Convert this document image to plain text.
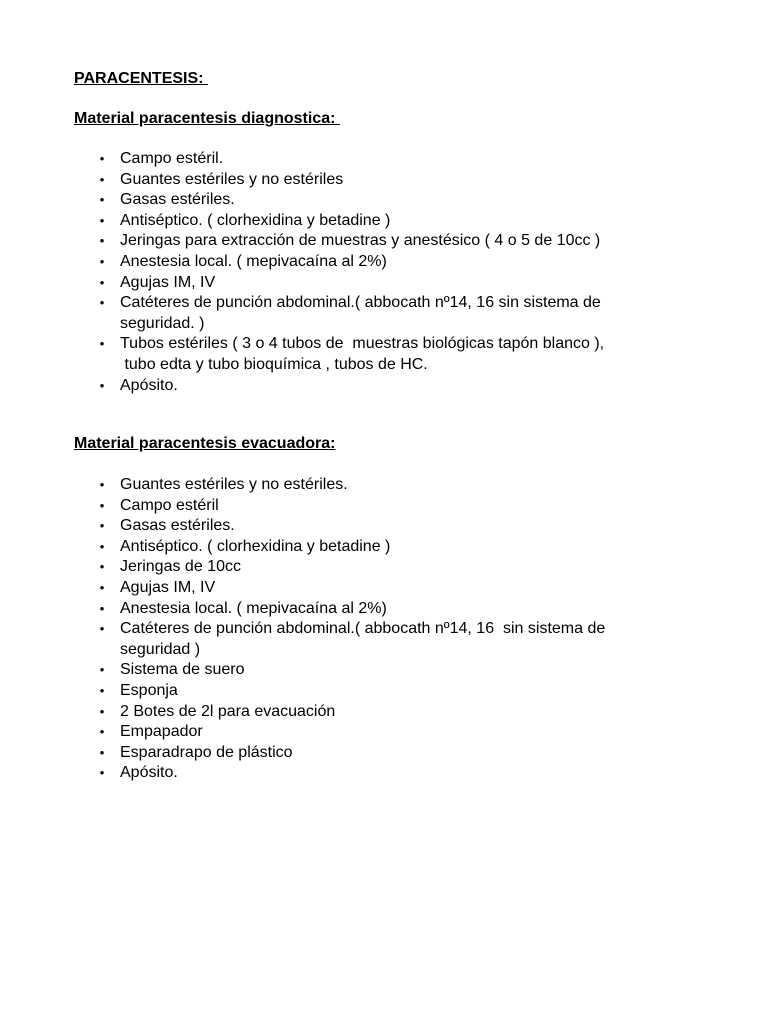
PARACENTESIS:
Material paracentesis diagnostica:
• Campo estéril.
• Guantes estériles y no estériles
• Gasas estériles.
• Antiséptico. ( clorhexidina y betadine )
• Jeringas para extracción de muestras y anestésico ( 4 o 5 de 10cc )
• Anestesia local. ( mepivacaína al 2%)
• Agujas IM, IV
• Catéteres de punción abdominal.( abbocath nº14, 16 sin sistema de
seguridad. )
• Tubos estériles ( 3 o 4 tubos de  muestras biológicas tapón blanco ),
tubo edta y tubo bioquímica , tubos de HC.
• Apósito.
Material paracentesis evacuadora:
• Guantes estériles y no estériles.
• Campo estéril
• Gasas estériles.
• Antiséptico. ( clorhexidina y betadine )
• Jeringas de 10cc
• Agujas IM, IV
• Anestesia local. ( mepivacaína al 2%)
• Catéteres de punción abdominal.( abbocath nº14, 16  sin sistema de
seguridad )
• Sistema de suero
• Esponja
• 2 Botes de 2l para evacuación
• Empapador
• Esparadrapo de plástico
• Apósito.
